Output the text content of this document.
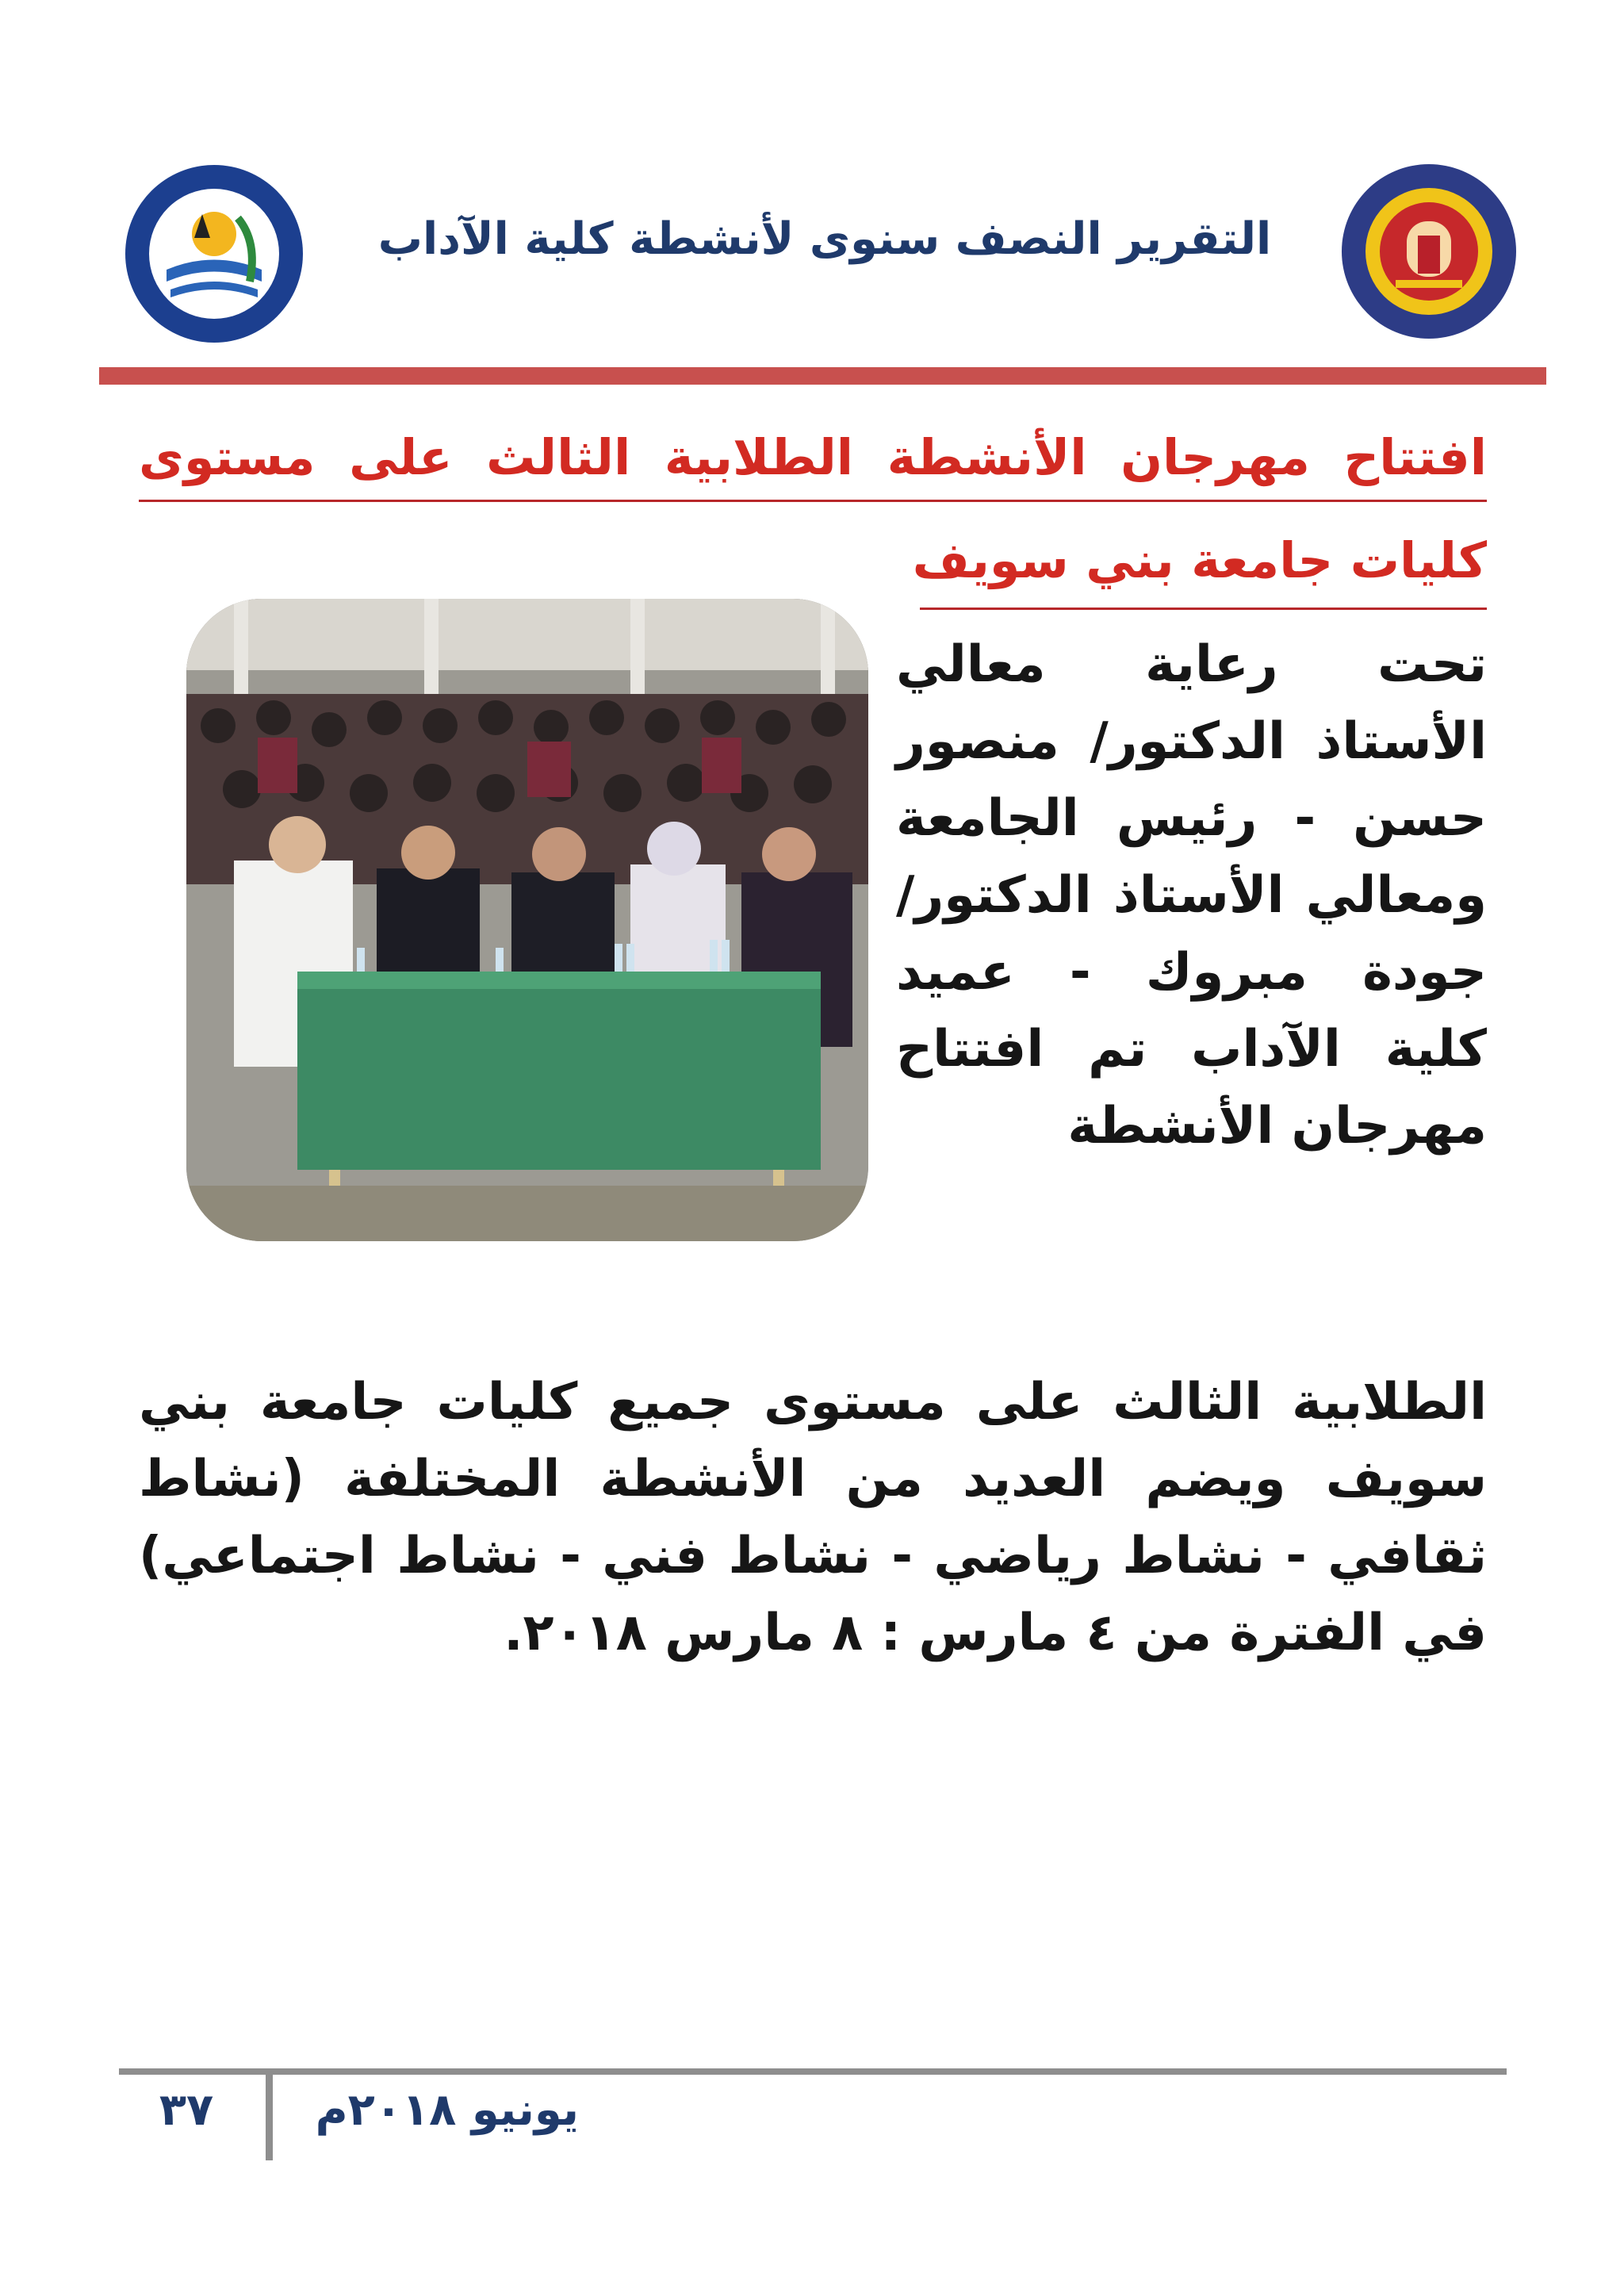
التقرير النصف سنوى لأنشطة كلية الآداب
افتتاح مهرجان الأنشطة الطلابية الثالث على مستوى
كليات جامعة بني سويف

تحت رعاية معالي الأستاذ الدكتور/ منصور حسن - رئيس الجامعة ومعالي الأستاذ الدكتور/ جودة مبروك - عميد كلية الآداب تم افتتاح مهرجان الأنشطة

الطلابية الثالث على مستوى جميع كليات جامعة بني سويف ويضم العديد من الأنشطة المختلفة (نشاط ثقافي - نشاط رياضي - نشاط فني - نشاط اجتماعي) في الفترة من ٤ مارس : ٨ مارس ٢٠١٨.

يونيو ٢٠١٨م
٣٧
